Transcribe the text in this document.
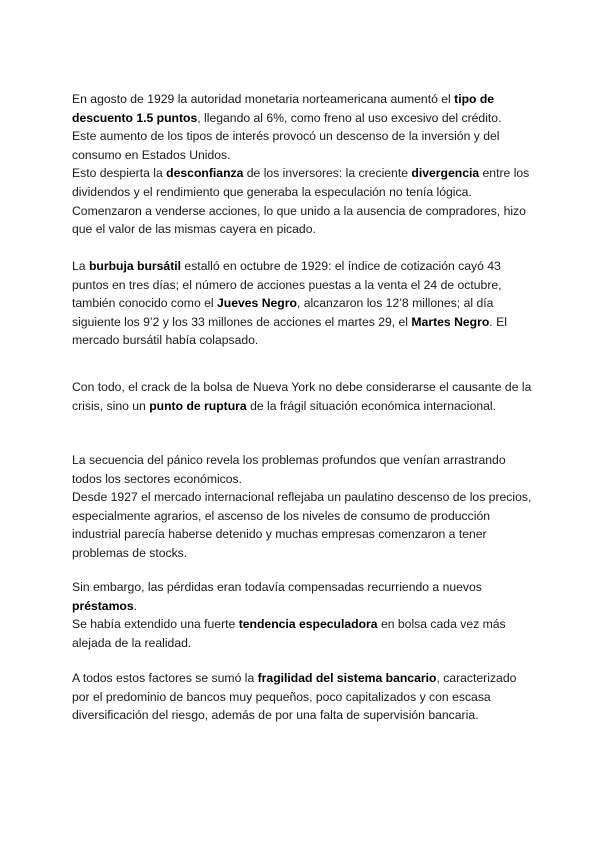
En agosto de 1929 la autoridad monetaria norteamericana aumentó el tipo de descuento 1.5 puntos, llegando al 6%, como freno al uso excesivo del crédito.

Este aumento de los tipos de interés provocó un descenso de la inversión y del consumo en Estados Unidos.

Esto despierta la desconfianza de los inversores: la creciente divergencia entre los dividendos y el rendimiento que generaba la especulación no tenía lógica. Comenzaron a venderse acciones, lo que unido a la ausencia de compradores, hizo que el valor de las mismas cayera en picado.

La burbuja bursátil estalló en octubre de 1929: el índice de cotización cayó 43 puntos en tres días; el número de acciones puestas a la venta el 24 de octubre, también conocido como el Jueves Negro, alcanzaron los 12’8 millones; al día siguiente los 9’2 y los 33 millones de acciones el martes 29, el Martes Negro. El mercado bursátil había colapsado.

Con todo, el crack de la bolsa de Nueva York no debe considerarse el causante de la crisis, sino un punto de ruptura de la frágil situación económica internacional.

La secuencia del pánico revela los problemas profundos que venían arrastrando todos los sectores económicos.

Desde 1927 el mercado internacional reflejaba un paulatino descenso de los precios, especialmente agrarios, el ascenso de los niveles de consumo de producción industrial parecía haberse detenido y muchas empresas comenzaron a tener problemas de stocks.

Sin embargo, las pérdidas eran todavía compensadas recurriendo a nuevos préstamos.

Se había extendido una fuerte tendencia especuladora en bolsa cada vez más alejada de la realidad.

A todos estos factores se sumó la fragilidad del sistema bancario, caracterizado por el predominio de bancos muy pequeños, poco capitalizados y con escasa diversificación del riesgo, además de por una falta de supervisión bancaria.
